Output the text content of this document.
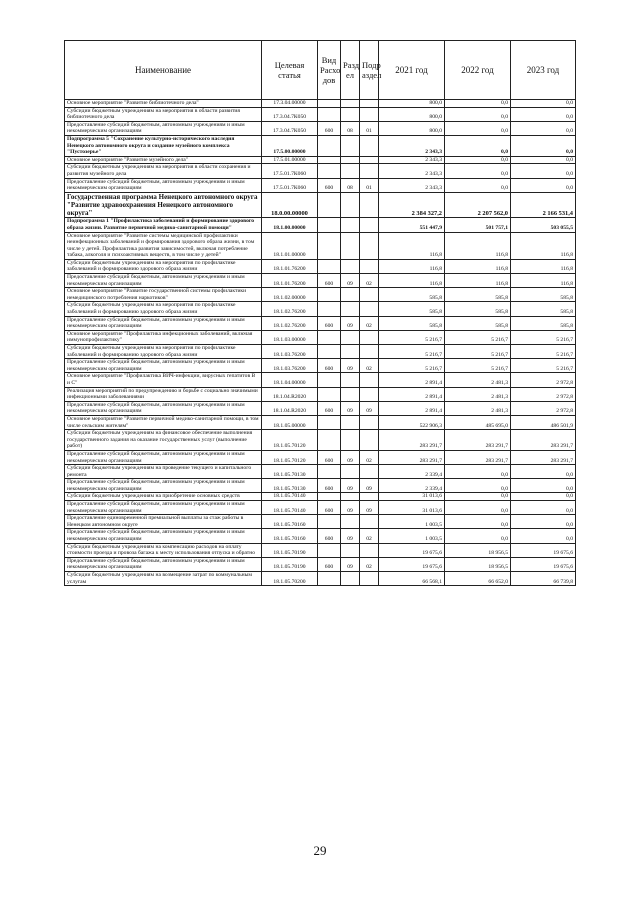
Наименование	Целевая статья	Вид Расхо дов	Разд ел	Подр аздел	2021 год	2022 год	2023 год
Основное мероприятие "Развитие библиотечного дела"	17.3.04.00000				800,0	0,0	0,0
Субсидии бюджетным учреждениям на мероприятия в области развития библиотечного дела	17.3.04.7К050				800,0	0,0	0,0
Предоставление субсидий бюджетным, автономным учреждениям и иным некоммерческим организациям	17.3.04.7К050	600	08	01	800,0	0,0	0,0
Подпрограмма 5 "Сохранение культурно-исторического наследия Ненецкого автономного округа и создание музейного комплекса "Пустозерье"	17.5.00.00000				2 343,3	0,0	0,0
Основное мероприятие "Развитие музейного дела"	17.5.01.00000				2 343,3	0,0	0,0
Субсидии бюджетным учреждениям на мероприятия в области сохранения и развития музейного дела	17.5.01.7К060				2 343,3	0,0	0,0
Предоставление субсидий бюджетным, автономным учреждениям и иным некоммерческим организациям	17.5.01.7К060	600	08	01	2 343,3	0,0	0,0
Государственная программа Ненецкого автономного округа "Развитие здравоохранения Ненецкого автономного округа"	18.0.00.00000				2 384 327,2	2 207 562,0	2 166 531,4
Подпрограмма 1 "Профилактика заболеваний и формирование здорового образа жизни. Развитие первичной медико-санитарной помощи"	18.1.00.00000				551 447,9	501 757,1	503 055,5
Основное мероприятие "Развитие системы медицинской профилактики неинфекционных заболеваний и формирования здорового образа жизни, в том числе у детей. Профилактика развития зависимостей, включая потребление табака, алкоголя и психоактивных веществ, в том числе у детей"	18.1.01.00000				116,8	116,8	116,8
Субсидии бюджетным учреждениям на мероприятия по профилактике заболеваний и формированию здорового образа жизни	18.1.01.76200				116,8	116,8	116,8
Предоставление субсидий бюджетным, автономным учреждениям и иным некоммерческим организациям	18.1.01.76200	600	09	02	116,8	116,8	116,8
Основное мероприятие "Развитие государственной системы профилактики немедицинского потребления наркотиков"	18.1.02.00000				585,8	585,8	585,8
Субсидии бюджетным учреждениям на мероприятия по профилактике заболеваний и формированию здорового образа жизни	18.1.02.76200				585,8	585,8	585,8
Предоставление субсидий бюджетным, автономным учреждениям и иным некоммерческим организациям	18.1.02.76200	600	09	02	585,8	585,8	585,8
Основное мероприятие "Профилактика инфекционных заболеваний, включая иммунопрофилактику"	18.1.03.00000				5 216,7	5 216,7	5 216,7
Субсидии бюджетным учреждениям на мероприятия по профилактике заболеваний и формированию здорового образа жизни	18.1.03.76200				5 216,7	5 216,7	5 216,7
Предоставление субсидий бюджетным, автономным учреждениям и иным некоммерческим организациям	18.1.03.76200	600	09	02	5 216,7	5 216,7	5 216,7
Основное мероприятие "Профилактика ВИЧ-инфекции, вирусных гепатитов В и С"	18.1.04.00000				2 891,4	2 481,3	2 972,8
Реализация мероприятий по предупреждению и борьбе с социально значимыми инфекционными заболеваниями	18.1.04.R2020				2 891,4	2 481,3	2 972,8
Предоставление субсидий бюджетным, автономным учреждениям и иным некоммерческим организациям	18.1.04.R2020	600	09	09	2 891,4	2 481,3	2 972,8
Основное мероприятие "Развитие первичной медико-санитарной помощи, в том числе сельским жителям"	18.1.05.00000				522 906,3	485 695,0	486 501,9
Субсидии бюджетным учреждениям на финансовое обеспечение выполнения государственного задания на оказание государственных услуг (выполнение работ)	18.1.05.70120				283 291,7	283 291,7	283 291,7
Предоставление субсидий бюджетным, автономным учреждениям и иным некоммерческим организациям	18.1.05.70120	600	09	02	283 291,7	283 291,7	283 291,7
Субсидии бюджетным учреждениям на проведение текущего и капитального ремонта	18.1.05.70130				2 339,4	0,0	0,0
Предоставление субсидий бюджетным, автономным учреждениям и иным некоммерческим организациям	18.1.05.70130	600	09	09	2 339,4	0,0	0,0
Субсидии бюджетным учреждениям на приобретение основных средств	18.1.05.70140				31 013,6	0,0	0,0
Предоставление субсидий бюджетным, автономным учреждениям и иным некоммерческим организациям	18.1.05.70140	600	09	09	31 013,6	0,0	0,0
Предоставление единовременной премиальной выплаты за стаж работы в Ненецком автономном округе	18.1.05.70160				1 003,5	0,0	0,0
Предоставление субсидий бюджетным, автономным учреждениям и иным некоммерческим организациям	18.1.05.70160	600	09	02	1 003,5	0,0	0,0
Субсидии бюджетным учреждениям на компенсацию расходов на оплату стоимости проезда и провоза багажа к месту использования отпуска и обратно	18.1.05.70190				19 675,6	18 956,5	19 675,6
Предоставление субсидий бюджетным, автономным учреждениям и иным некоммерческим организациям	18.1.05.70190	600	09	02	19 675,6	18 956,5	19 675,6
Субсидии бюджетным учреждениям на возмещение затрат по коммунальным услугам	18.1.05.70200				66 568,1	66 652,0	66 739,8
29
